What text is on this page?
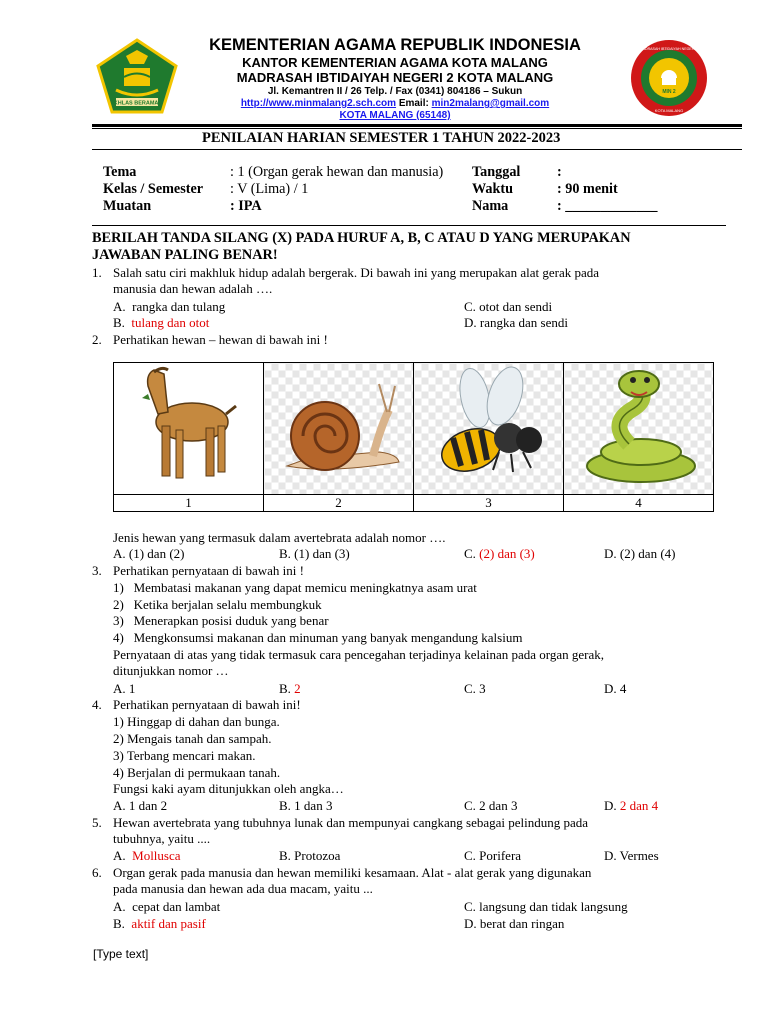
IKHLAS BERAMAL
MIN 2
MADRASAH IBTIDAIYAH NEGERI 2
KOTA MALANG
KEMENTERIAN AGAMA REPUBLIK INDONESIA
KANTOR KEMENTERIAN AGAMA KOTA MALANG
MADRASAH IBTIDAIYAH NEGERI 2 KOTA MALANG
Jl. Kemantren II / 26 Telp. / Fax (0341) 804186 – Sukun
http://www.minmalang2.sch.com Email: min2malang@gmail.com
KOTA MALANG (65148)
PENILAIAN HARIAN SEMESTER 1 TAHUN 2022-2023
Tema	: 1 (Organ gerak hewan dan manusia) Tanggal	:
Kelas / Semester : V (Lima) / 1	Waktu	: 90 menit
Muatan	: IPA	Nama	: _____________
BERILAH TANDA SILANG (X) PADA HURUF A, B, C ATAU D YANG MERUPAKAN
JAWABAN PALING BENAR!
1. Salah satu ciri makhluk hidup adalah bergerak. Di bawah ini yang merupakan alat gerak pada
manusia dan hewan adalah ….
A. rangka dan tulang	C. otot dan sendi
B. tulang dan otot	D. rangka dan sendi
2. Perhatikan hewan – hewan di bawah ini !

1	2	3	4
Jenis hewan yang termasuk dalam avertebrata adalah nomor ….
A. (1) dan (2)	B. (1) dan (3)	C. (2) dan (3)	D. (2) dan (4)
3. Perhatikan pernyataan di bawah ini !
1) Membatasi makanan yang dapat memicu meningkatnya asam urat
2) Ketika berjalan selalu membungkuk
3) Menerapkan posisi duduk yang benar
4) Mengkonsumsi makanan dan minuman yang banyak mengandung kalsium
Pernyataan di atas yang tidak termasuk cara pencegahan terjadinya kelainan pada organ gerak,
ditunjukkan nomor …
A. 1	B. 2	C. 3	D. 4
4. Perhatikan pernyataan di bawah ini!
1) Hinggap di dahan dan bunga.
2) Mengais tanah dan sampah.
3) Terbang mencari makan.
4) Berjalan di permukaan tanah.
Fungsi kaki ayam ditunjukkan oleh angka…
A. 1 dan 2	B. 1 dan 3	C. 2 dan 3	D. 2 dan 4
5. Hewan avertebrata yang tubuhnya lunak dan mempunyai cangkang sebagai pelindung pada
tubuhnya, yaitu ....
A. Mollusca	B. Protozoa	C. Porifera	D. Vermes
6. Organ gerak pada manusia dan hewan memiliki kesamaan. Alat - alat gerak yang digunakan
pada manusia dan hewan ada dua macam, yaitu ...
A. cepat dan lambat	C. langsung dan tidak langsung
B. aktif dan pasif	D. berat dan ringan
[Type text]
